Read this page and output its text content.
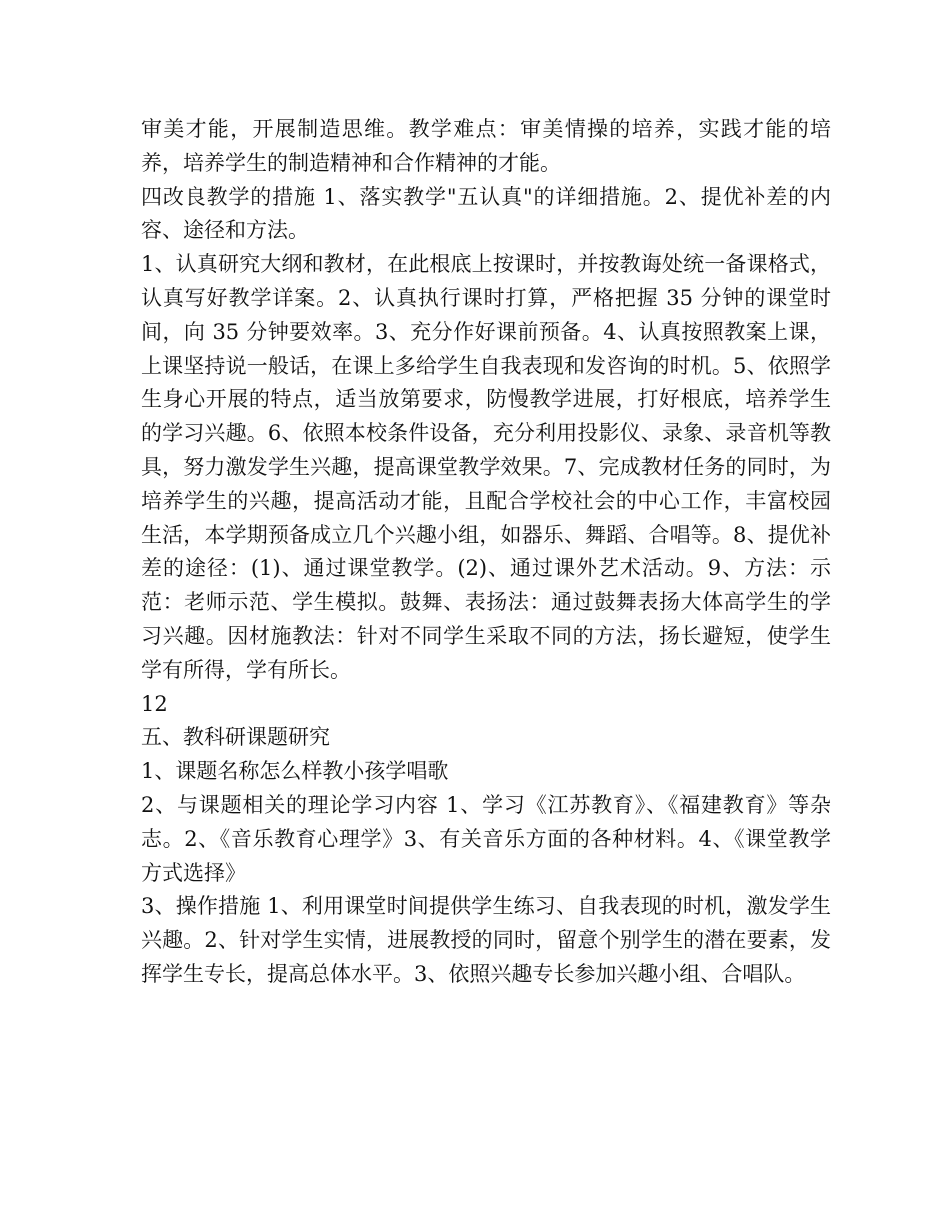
审美才能，开展制造思维。教学难点：审美情操的培养，实践才能的培养，培养学生的制造精神和合作精神的才能。

四改良教学的措施 1、落实教学"五认真"的详细措施。2、提优补差的内容、途径和方法。

1、认真研究大纲和教材，在此根底上按课时，并按教诲处统一备课格式，认真写好教学详案。2、认真执行课时打算，严格把握 35 分钟的课堂时间，向 35 分钟要效率。3、充分作好课前预备。4、认真按照教案上课，上课坚持说一般话，在课上多给学生自我表现和发咨询的时机。5、依照学生身心开展的特点，适当放第要求，防慢教学进展，打好根底，培养学生的学习兴趣。6、依照本校条件设备，充分利用投影仪、录象、录音机等教具，努力激发学生兴趣，提高课堂教学效果。7、完成教材任务的同时，为培养学生的兴趣，提高活动才能，且配合学校社会的中心工作，丰富校园生活，本学期预备成立几个兴趣小组，如器乐、舞蹈、合唱等。8、提优补差的途径：(1)、通过课堂教学。(2)、通过课外艺术活动。9、方法：示范：老师示范、学生模拟。鼓舞、表扬法：通过鼓舞表扬大体高学生的学习兴趣。因材施教法：针对不同学生采取不同的方法，扬长避短，使学生学有所得，学有所长。

12

五、教科研课题研究

1、课题名称怎么样教小孩学唱歌

2、与课题相关的理论学习内容 1、学习《江苏教育》、《福建教育》等杂志。2、《音乐教育心理学》3、有关音乐方面的各种材料。4、《课堂教学方式选择》

3、操作措施 1、利用课堂时间提供学生练习、自我表现的时机，激发学生兴趣。2、针对学生实情，进展教授的同时，留意个别学生的潜在要素，发挥学生专长，提高总体水平。3、依照兴趣专长参加兴趣小组、合唱队。
